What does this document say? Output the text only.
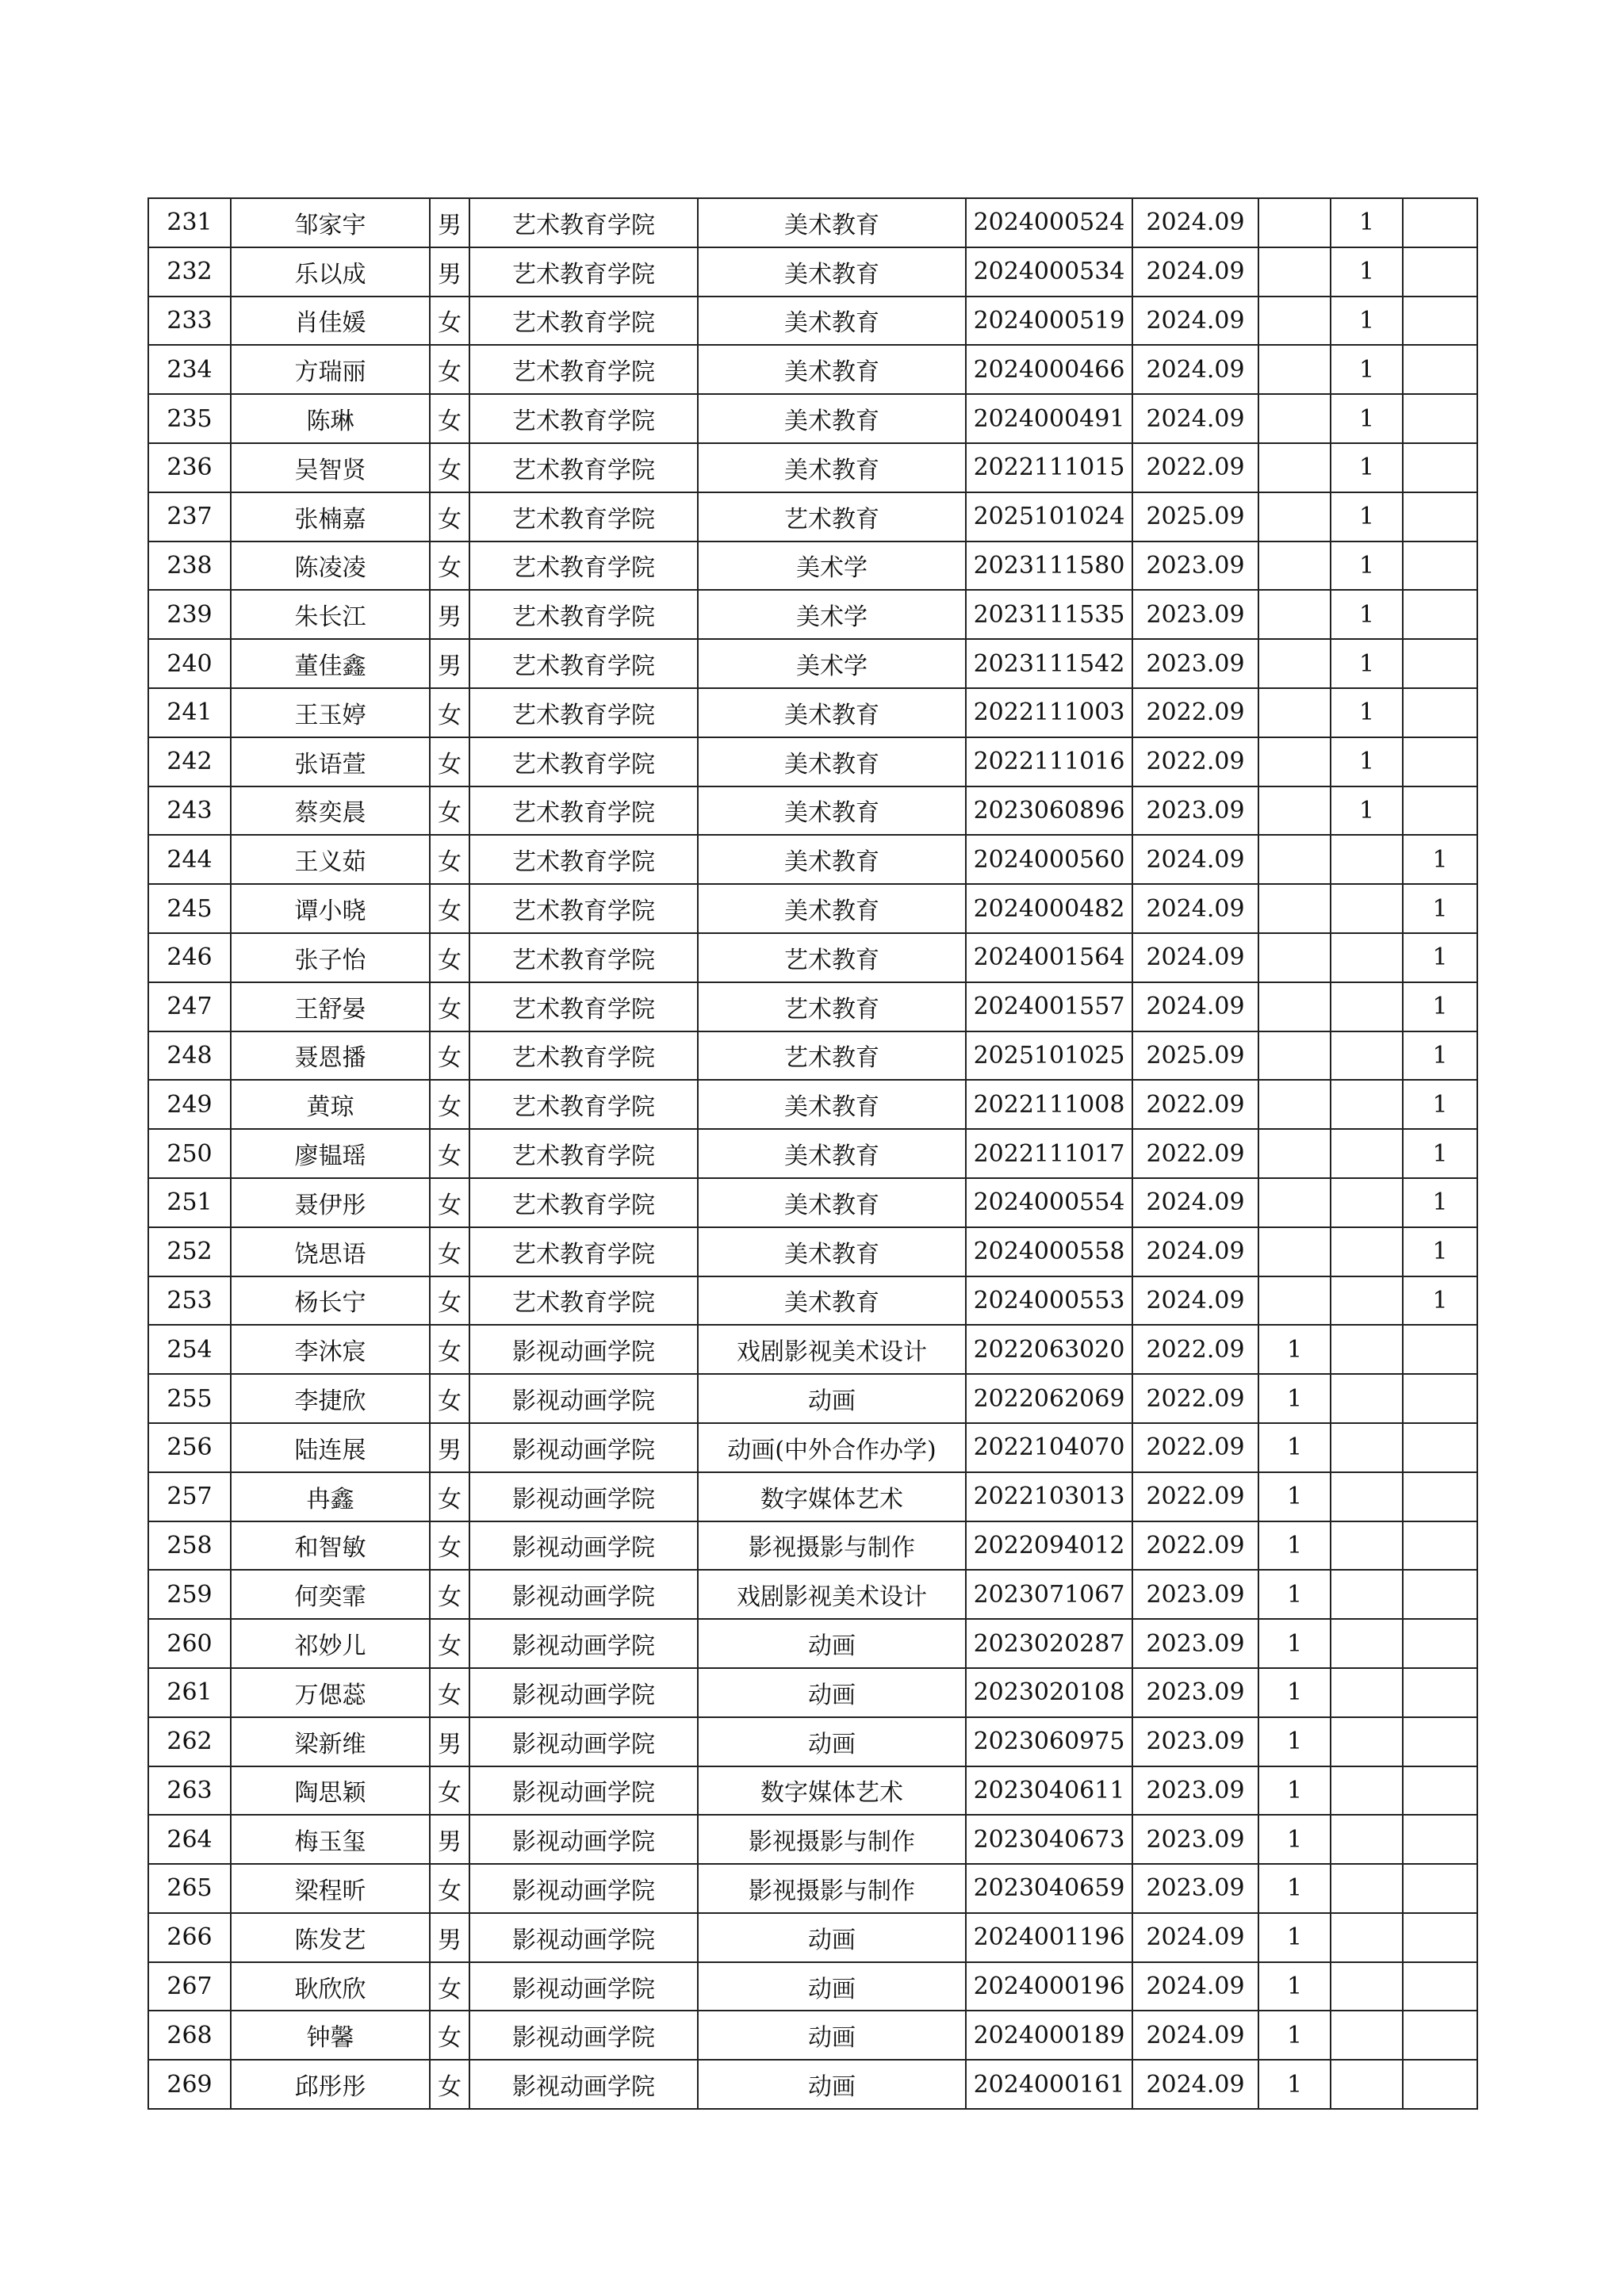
231	邹家宇	男	艺术教育学院	美术教育	2024000524	2024.09		1	
232	乐以成	男	艺术教育学院	美术教育	2024000534	2024.09		1	
233	肖佳媛	女	艺术教育学院	美术教育	2024000519	2024.09		1	
234	方瑞丽	女	艺术教育学院	美术教育	2024000466	2024.09		1	
235	陈琳	女	艺术教育学院	美术教育	2024000491	2024.09		1	
236	吴智贤	女	艺术教育学院	美术教育	2022111015	2022.09		1	
237	张楠嘉	女	艺术教育学院	艺术教育	2025101024	2025.09		1	
238	陈凌凌	女	艺术教育学院	美术学	2023111580	2023.09		1	
239	朱长江	男	艺术教育学院	美术学	2023111535	2023.09		1	
240	董佳鑫	男	艺术教育学院	美术学	2023111542	2023.09		1	
241	王玉婷	女	艺术教育学院	美术教育	2022111003	2022.09		1	
242	张语萱	女	艺术教育学院	美术教育	2022111016	2022.09		1	
243	蔡奕晨	女	艺术教育学院	美术教育	2023060896	2023.09		1	
244	王义茹	女	艺术教育学院	美术教育	2024000560	2024.09			1
245	谭小晓	女	艺术教育学院	美术教育	2024000482	2024.09			1
246	张子怡	女	艺术教育学院	艺术教育	2024001564	2024.09			1
247	王舒晏	女	艺术教育学院	艺术教育	2024001557	2024.09			1
248	聂恩播	女	艺术教育学院	艺术教育	2025101025	2025.09			1
249	黄琼	女	艺术教育学院	美术教育	2022111008	2022.09			1
250	廖韫瑶	女	艺术教育学院	美术教育	2022111017	2022.09			1
251	聂伊彤	女	艺术教育学院	美术教育	2024000554	2024.09			1
252	饶思语	女	艺术教育学院	美术教育	2024000558	2024.09			1
253	杨长宁	女	艺术教育学院	美术教育	2024000553	2024.09			1
254	李沐宸	女	影视动画学院	戏剧影视美术设计	2022063020	2022.09	1		
255	李捷欣	女	影视动画学院	动画	2022062069	2022.09	1		
256	陆连展	男	影视动画学院	动画(中外合作办学)	2022104070	2022.09	1		
257	冉鑫	女	影视动画学院	数字媒体艺术	2022103013	2022.09	1		
258	和智敏	女	影视动画学院	影视摄影与制作	2022094012	2022.09	1		
259	何奕霏	女	影视动画学院	戏剧影视美术设计	2023071067	2023.09	1		
260	祁妙儿	女	影视动画学院	动画	2023020287	2023.09	1		
261	万偲蕊	女	影视动画学院	动画	2023020108	2023.09	1		
262	梁新维	男	影视动画学院	动画	2023060975	2023.09	1		
263	陶思颖	女	影视动画学院	数字媒体艺术	2023040611	2023.09	1		
264	梅玉玺	男	影视动画学院	影视摄影与制作	2023040673	2023.09	1		
265	梁程昕	女	影视动画学院	影视摄影与制作	2023040659	2023.09	1		
266	陈发艺	男	影视动画学院	动画	2024001196	2024.09	1		
267	耿欣欣	女	影视动画学院	动画	2024000196	2024.09	1		
268	钟馨	女	影视动画学院	动画	2024000189	2024.09	1		
269	邱彤彤	女	影视动画学院	动画	2024000161	2024.09	1		
